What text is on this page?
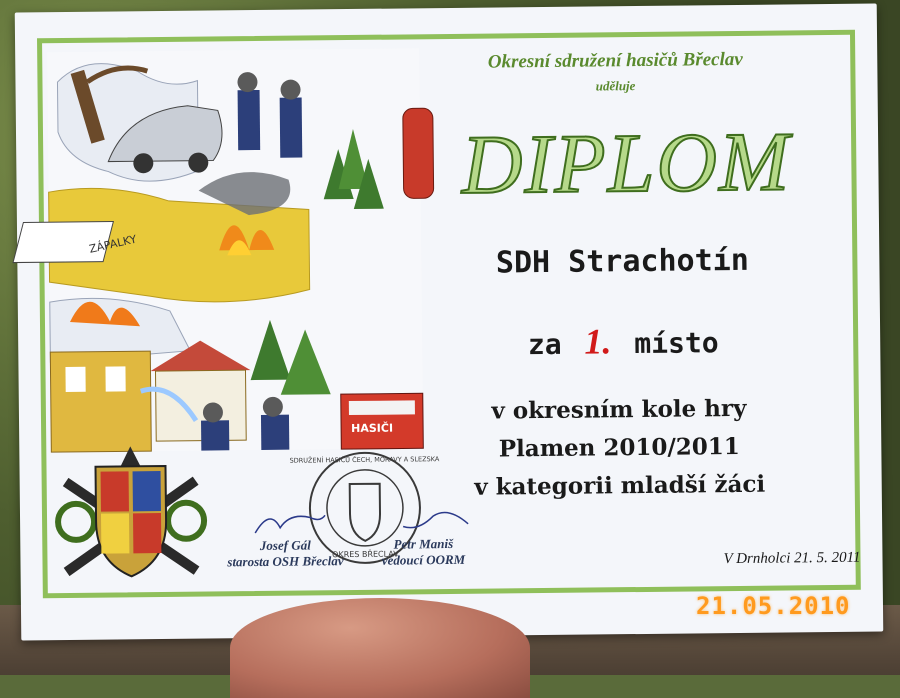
ZÁPALKY
HASIČI
SDRUŽENÍ HASIČŮ ČECH, MORAVY A SLEZSKA
OKRES BŘECLAV
Josef Gál
starosta OSH Břeclav
Petr Maniš
vedoucí OORM
Okresní sdružení hasičů Břeclav
uděluje
DIPLOM
SDH Strachotín
za 1. místo
v okresním kole hry
Plamen 2010/2011
v kategorii mladší žáci
V Drnholci 21. 5. 2011
21.05.2010
